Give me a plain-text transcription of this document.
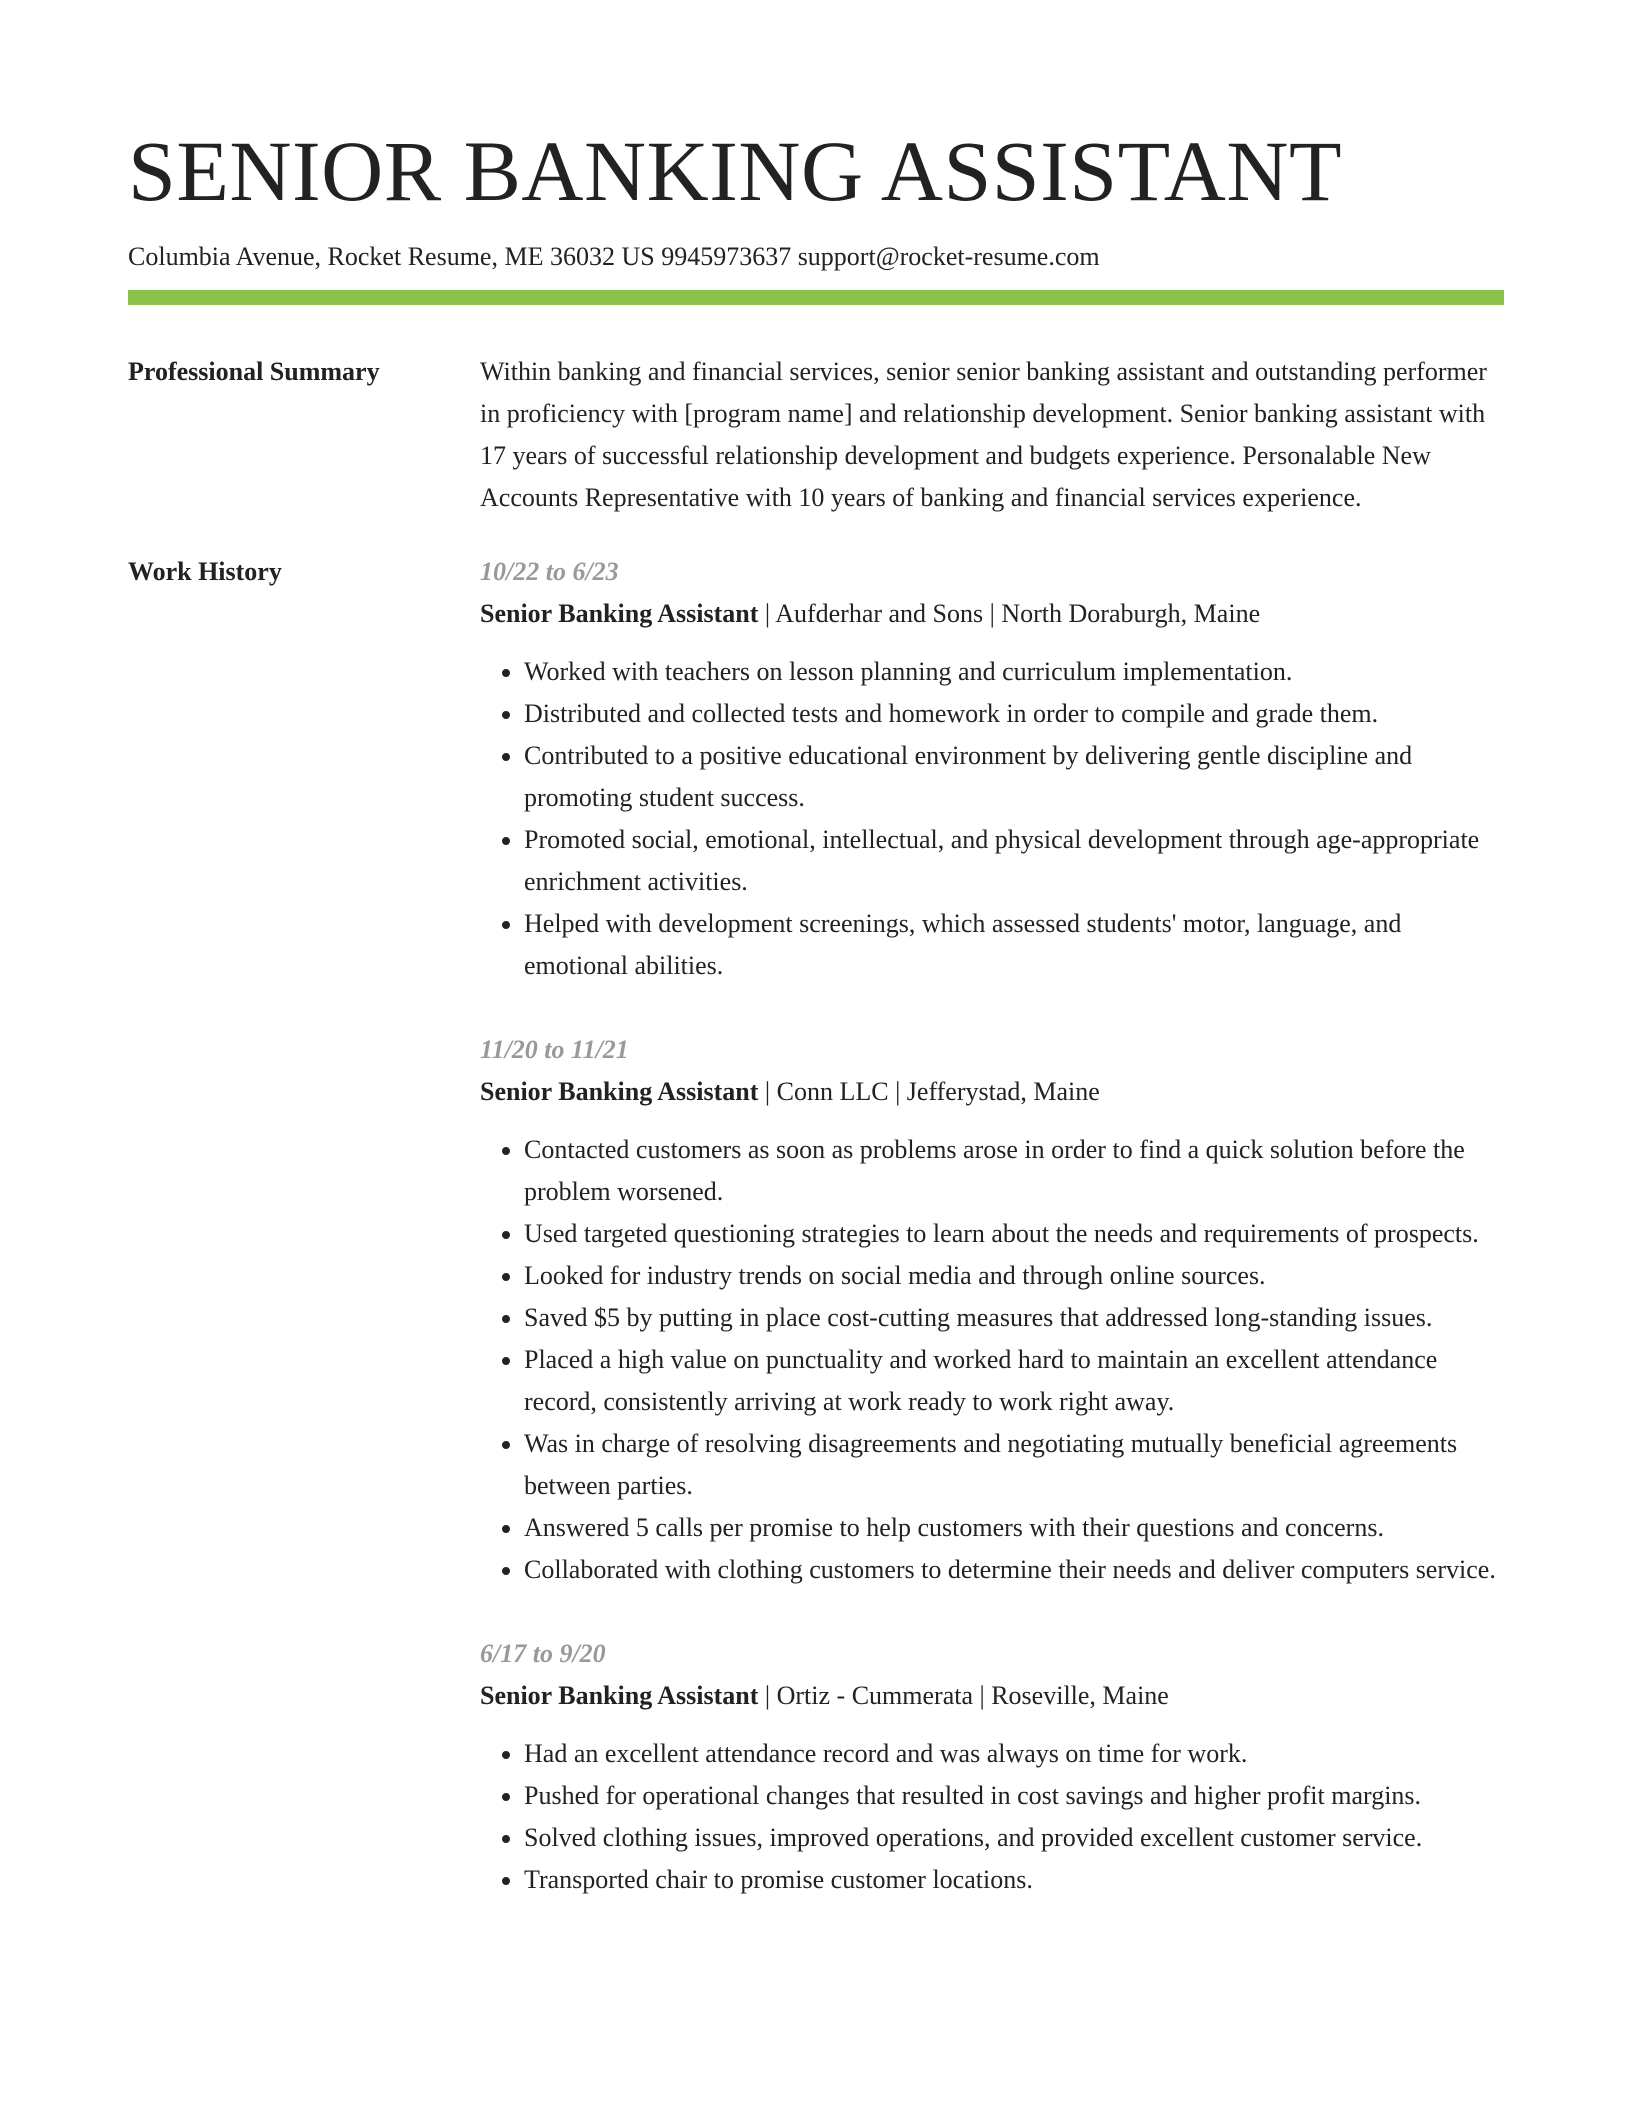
SENIOR BANKING ASSISTANT
Columbia Avenue, Rocket Resume, ME 36032 US 9945973637 support@rocket-resume.com
Professional Summary	Within banking and financial services, senior senior banking assistant and outstanding performer in proficiency with [program name] and relationship development. Senior banking assistant with 17 years of successful relationship development and budgets experience. Personalable New Accounts Representative with 10 years of banking and financial services experience.

Work History	10/22 to 6/23
Senior Banking Assistant | Aufderhar and Sons | North Doraburgh, Maine
• Worked with teachers on lesson planning and curriculum implementation.
• Distributed and collected tests and homework in order to compile and grade them.
• Contributed to a positive educational environment by delivering gentle discipline and promoting student success.
• Promoted social, emotional, intellectual, and physical development through age-appropriate enrichment activities.
• Helped with development screenings, which assessed students' motor, language, and emotional abilities.
11/20 to 11/21
Senior Banking Assistant | Conn LLC | Jefferystad, Maine
• Contacted customers as soon as problems arose in order to find a quick solution before the problem worsened.
• Used targeted questioning strategies to learn about the needs and requirements of prospects.
• Looked for industry trends on social media and through online sources.
• Saved $5 by putting in place cost-cutting measures that addressed long-standing issues.
• Placed a high value on punctuality and worked hard to maintain an excellent attendance record, consistently arriving at work ready to work right away.
• Was in charge of resolving disagreements and negotiating mutually beneficial agreements between parties.
• Answered 5 calls per promise to help customers with their questions and concerns.
• Collaborated with clothing customers to determine their needs and deliver computers service.
6/17 to 9/20
Senior Banking Assistant | Ortiz - Cummerata | Roseville, Maine
• Had an excellent attendance record and was always on time for work.
• Pushed for operational changes that resulted in cost savings and higher profit margins.
• Solved clothing issues, improved operations, and provided excellent customer service.
• Transported chair to promise customer locations.
